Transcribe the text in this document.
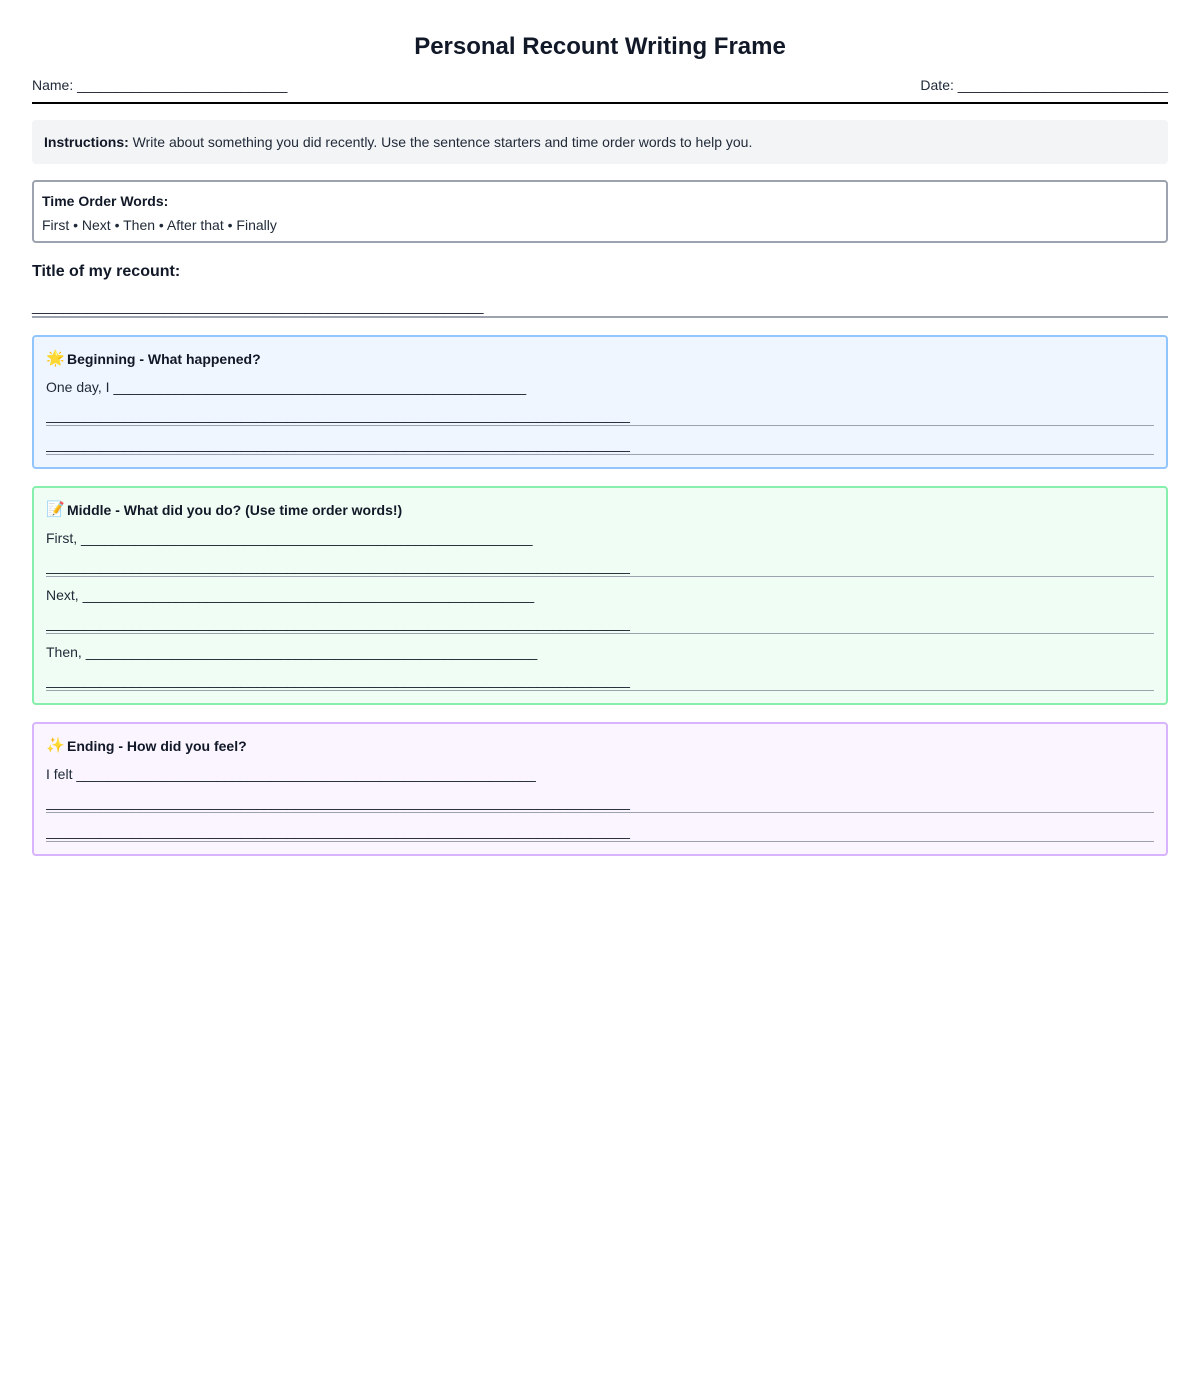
Personal Recount Writing Frame
Name: ___________________________	Date: ___________________________
Instructions: Write about something you did recently. Use the sentence starters and time order words to help you.
Time Order Words:
First • Next • Then • After that • Finally
Title of my recount:
__________________________________________________________
🌟 Beginning - What happened?
One day, I _____________________________________________________
___________________________________________________________________________
___________________________________________________________________________
📝 Middle - What did you do? (Use time order words!)
First, __________________________________________________________
___________________________________________________________________________
Next, __________________________________________________________
___________________________________________________________________________
Then, __________________________________________________________
___________________________________________________________________________
✨ Ending - How did you feel?
I felt ___________________________________________________________
___________________________________________________________________________
___________________________________________________________________________
